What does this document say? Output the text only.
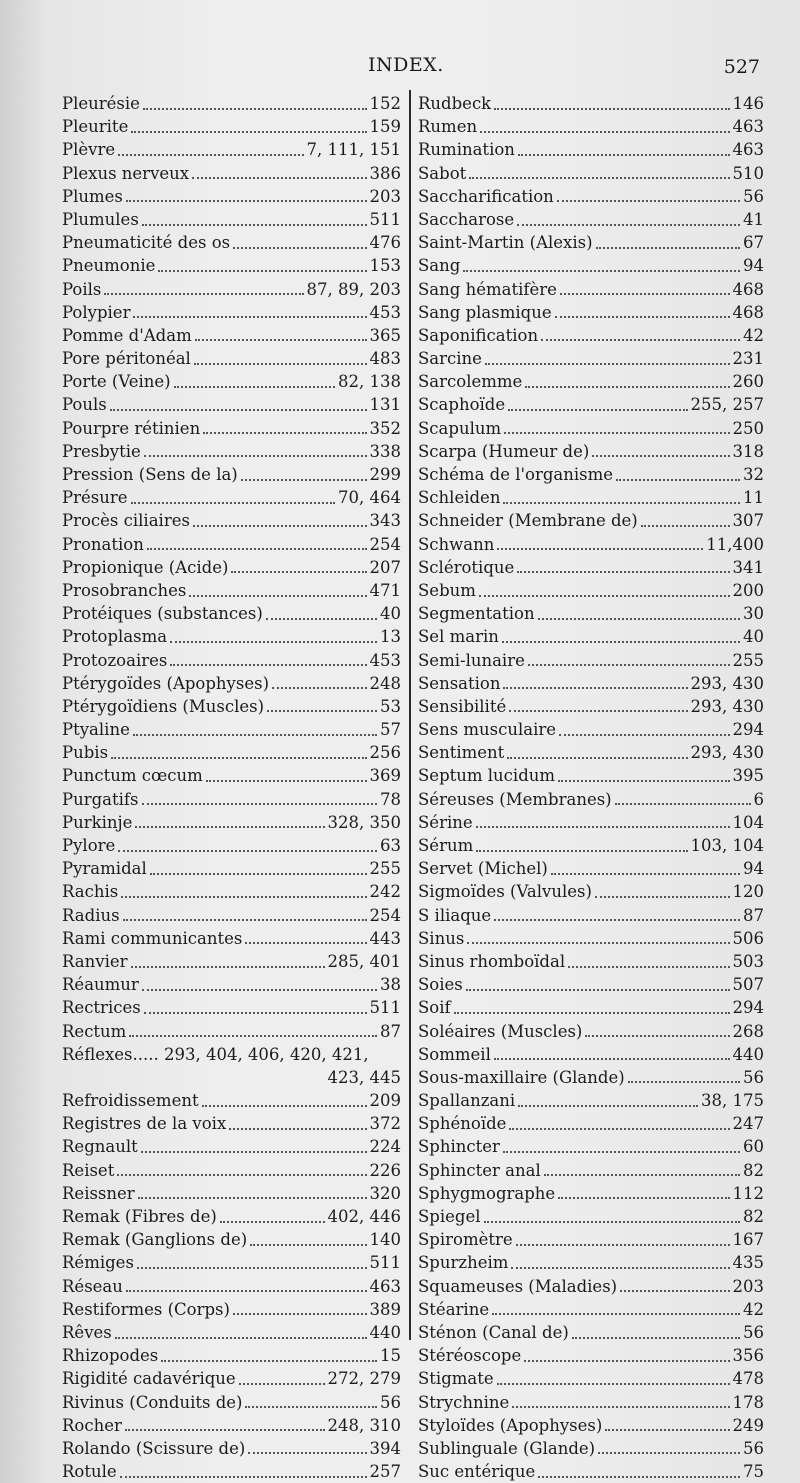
INDEX.	527
Pleurésie	152
Pleurite	159
Plèvre	7, 111, 151
Plexus nerveux	386
Plumes	203
Plumules	511
Pneumaticité des os	476
Pneumonie	153
Poils	87, 89, 203
Polypier	453
Pomme d'Adam	365
Pore péritonéal	483
Porte (Veine)	82, 138
Pouls	131
Pourpre rétinien	352
Presbytie	338
Pression (Sens de la)	299
Présure	70, 464
Procès ciliaires	343
Pronation	254
Propionique (Acide)	207
Prosobranches	471
Protéiques (substances)	40
Protoplasma	13
Protozoaires	453
Ptérygoïdes (Apophyses)	248
Ptérygoïdiens (Muscles)	53
Ptyaline	57
Pubis	256
Punctum cœcum	369
Purgatifs	78
Purkinje	328, 350
Pylore	63
Pyramidal	255
Rachis	242
Radius	254
Rami communicantes	443
Ranvier	285, 401
Réaumur	38
Rectrices	511
Rectum	87
Réflexes..... 293, 404, 406, 420, 421,
423, 445
Refroidissement	209
Registres de la voix	372
Regnault	224
Reiset	226
Reissner	320
Remak (Fibres de)	402, 446
Remak (Ganglions de)	140
Rémiges	511
Réseau	463
Restiformes (Corps)	389
Rêves	440
Rhizopodes	15
Rigidité cadavérique	272, 279
Rivinus (Conduits de)	56
Rocher	248, 310
Rolando (Scissure de)	394
Rotule	257
Rudbeck	146
Rumen	463
Rumination	463
Sabot	510
Saccharification	56
Saccharose	41
Saint-Martin (Alexis)	67
Sang	94
Sang hématifère	468
Sang plasmique	468
Saponification	42
Sarcine	231
Sarcolemme	260
Scaphoïde	255, 257
Scapulum	250
Scarpa (Humeur de)	318
Schéma de l'organisme	32
Schleiden	11
Schneider (Membrane de)	307
Schwann	11,400
Sclérotique	341
Sebum	200
Segmentation	30
Sel marin	40
Semi-lunaire	255
Sensation	293, 430
Sensibilité	293, 430
Sens musculaire	294
Sentiment	293, 430
Septum lucidum	395
Séreuses (Membranes)	6
Sérine	104
Sérum	103, 104
Servet (Michel)	94
Sigmoïdes (Valvules)	120
S iliaque	87
Sinus	506
Sinus rhomboïdal	503
Soies	507
Soif	294
Soléaires (Muscles)	268
Sommeil	440
Sous-maxillaire (Glande)	56
Spallanzani	38, 175
Sphénoïde	247
Sphincter	60
Sphincter anal	82
Sphygmographe	112
Spiegel	82
Spiromètre	167
Spurzheim	435
Squameuses (Maladies)	203
Stéarine	42
Sténon (Canal de)	56
Stéréoscope	356
Stigmate	478
Strychnine	178
Styloïdes (Apophyses)	249
Sublinguale (Glande)	56
Suc entérique	75
